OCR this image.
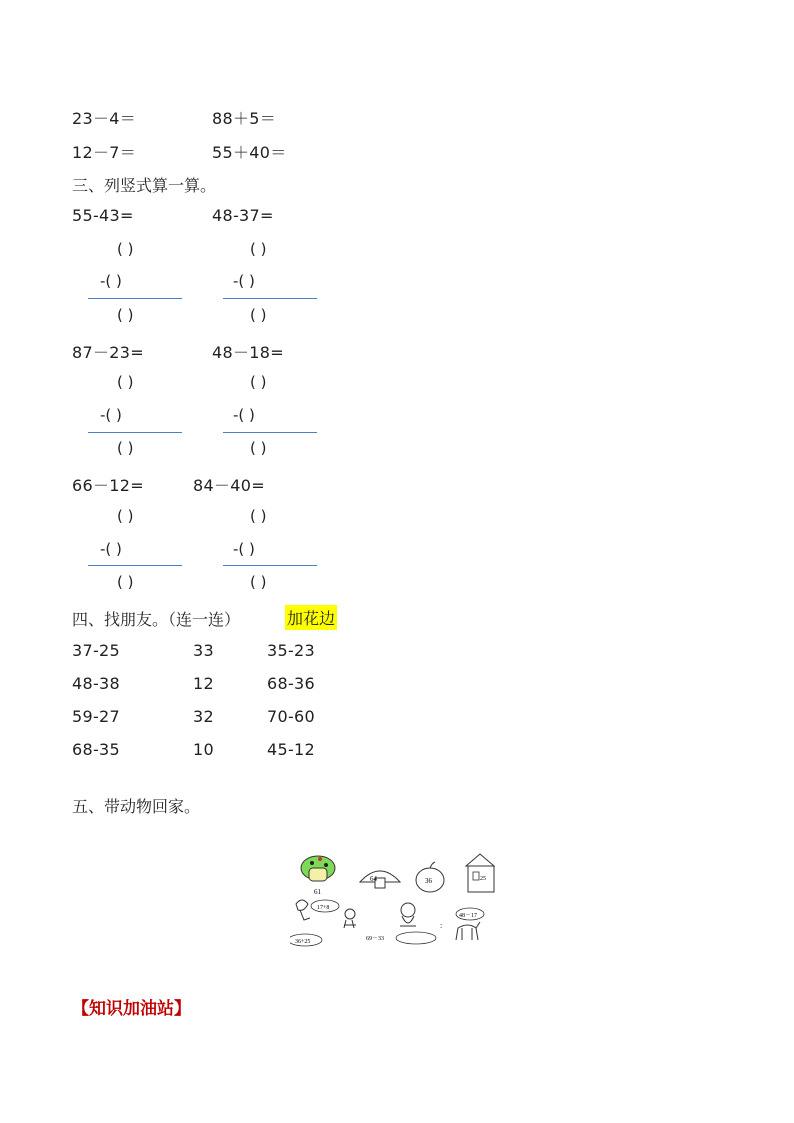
23－4＝	88＋5＝
12－7＝	55＋40＝
三、列竖式算一算。
55-43=	48-37=
( )	( )
-( )	-( )
( )	( )
87－23=	48－18=
( )	( )
-( )	-( )
( )	( )
66－12=	84－40=
( )	( )
-( )	-( )
( )	( )
四、找朋友。（连一连）	加花边
37-25	33	35-23
48-38	12	68-36
59-27	32	70-60
68-35	10	45-12
五、带动物回家。
61
64	36	25
17+8
36+25	69－33
:
48－17
【知识加油站】
